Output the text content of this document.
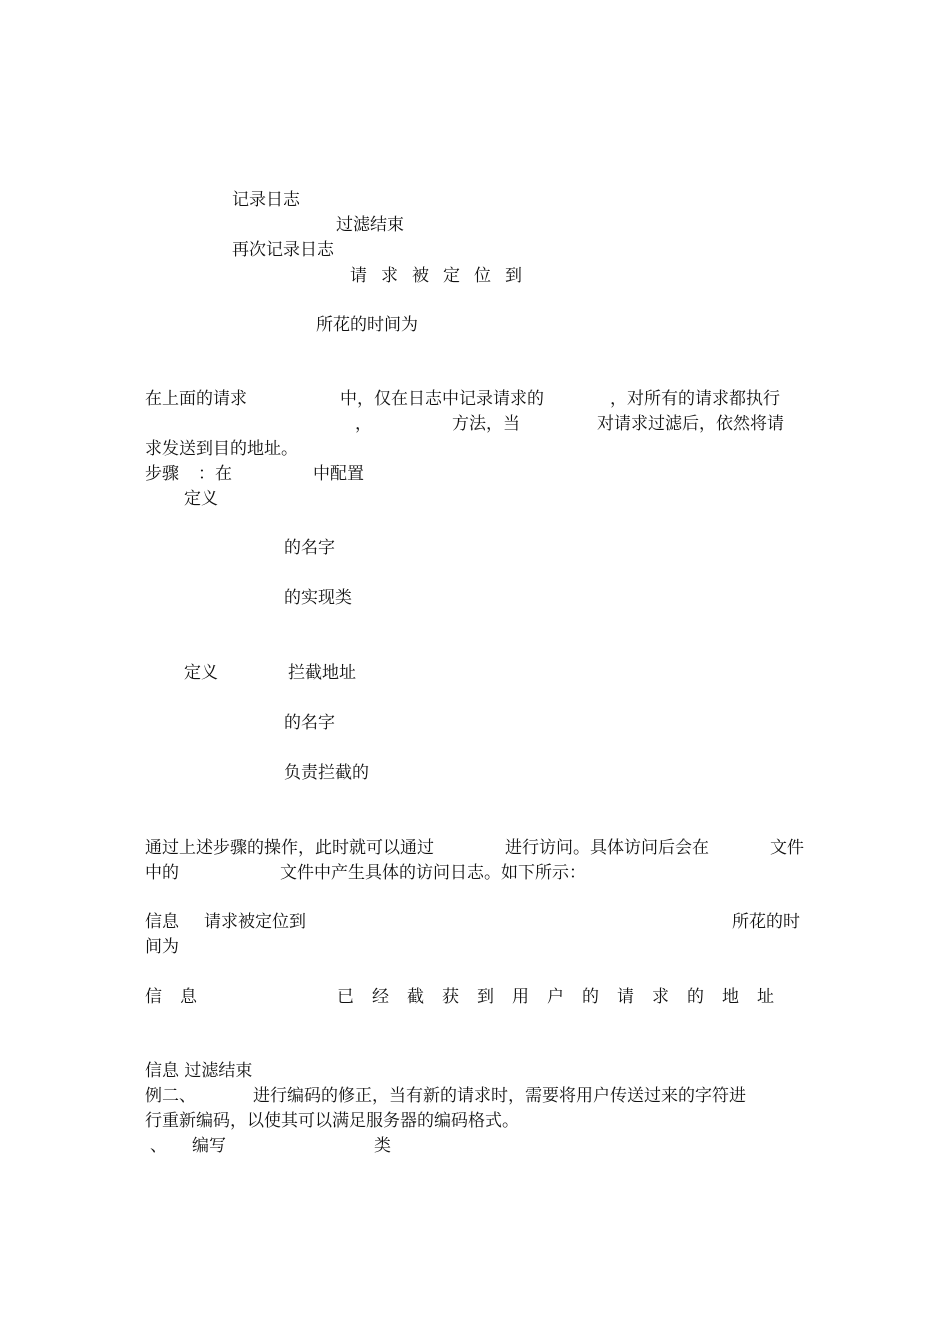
记录日志
过滤结束
再次记录日志
请求被定位到
所花的时间为
在上面的请求	中，仅在日志中记录请求的	，对所有的请求都执行
，	方法，当	对请求过滤后，依然将请
求发送到目的地址。
步骤 ：在	中配置
定义
的名字
的实现类
定义	拦截地址
的名字
负责拦截的
通过上述步骤的操作，此时就可以通过	进行访问。具体访问后会在	文件
中的	文件中产生具体的访问日志。如下所示：
信息 请求被定位到	所花的时
间为
信息	已经截获到用户的请求的地址
信息 过滤结束
例二、	进行编码的修正，当有新的请求时，需要将用户传送过来的字符进
行重新编码，以使其可以满足服务器的编码格式。
、 编写	类
